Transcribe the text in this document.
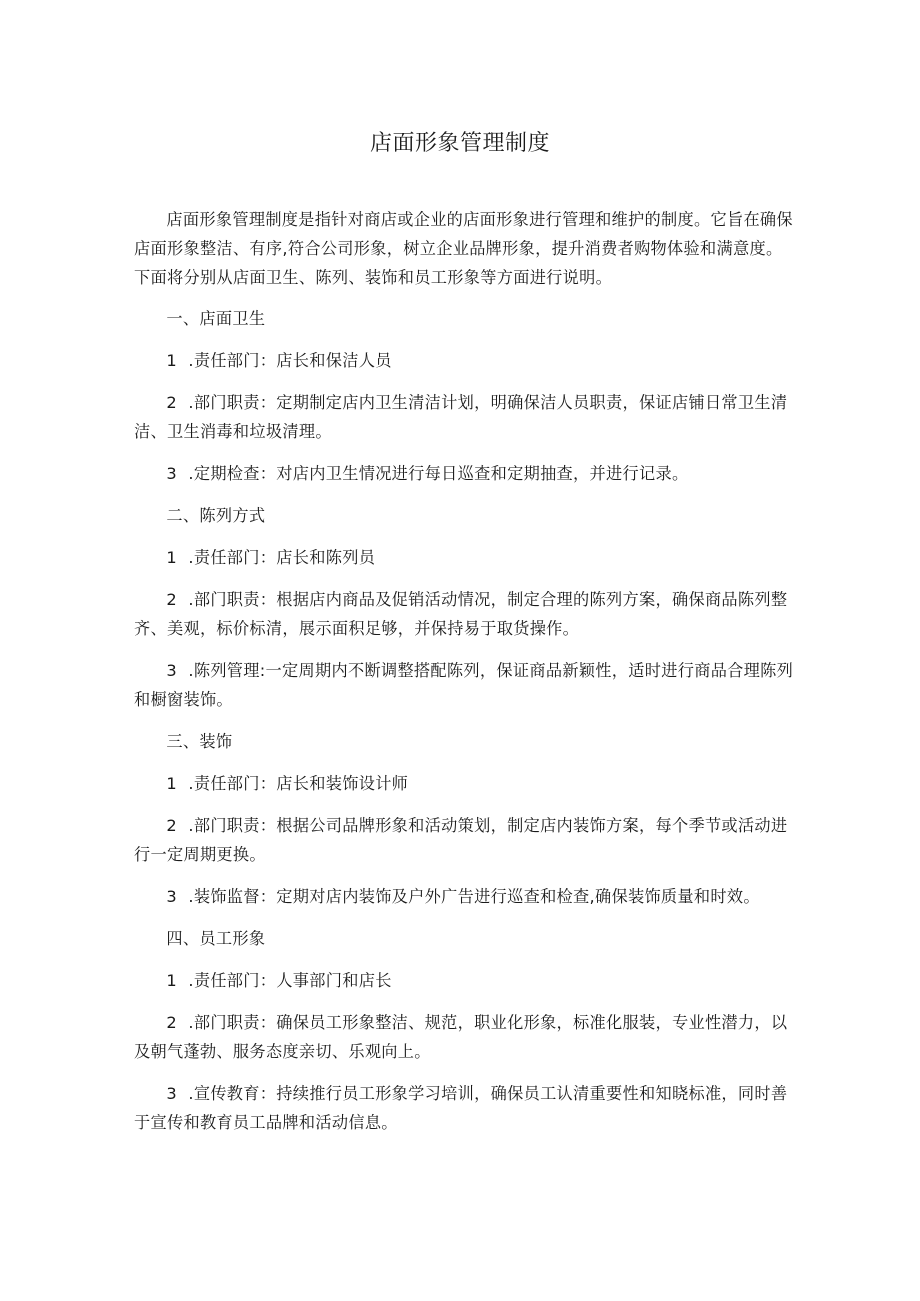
店面形象管理制度

店面形象管理制度是指针对商店或企业的店面形象进行管理和维护的制度。它旨在确保店面形象整洁、有序,符合公司形象，树立企业品牌形象，提升消费者购物体验和满意度。下面将分别从店面卫生、陈列、装饰和员工形象等方面进行说明。

一、店面卫生

1 .责任部门：店长和保洁人员

2 .部门职责：定期制定店内卫生清洁计划，明确保洁人员职责，保证店铺日常卫生清洁、卫生消毒和垃圾清理。

3 .定期检查：对店内卫生情况进行每日巡查和定期抽查，并进行记录。

二、陈列方式

1 .责任部门：店长和陈列员

2 .部门职责：根据店内商品及促销活动情况，制定合理的陈列方案，确保商品陈列整齐、美观，标价标清，展示面积足够，并保持易于取货操作。

3 .陈列管理:一定周期内不断调整搭配陈列，保证商品新颖性，适时进行商品合理陈列和橱窗装饰。

三、装饰

1 .责任部门：店长和装饰设计师

2 .部门职责：根据公司品牌形象和活动策划，制定店内装饰方案，每个季节或活动进行一定周期更换。

3 .装饰监督：定期对店内装饰及户外广告进行巡查和检查,确保装饰质量和时效。

四、员工形象

1 .责任部门：人事部门和店长

2 .部门职责：确保员工形象整洁、规范，职业化形象，标准化服装，专业性潜力，以及朝气蓬勃、服务态度亲切、乐观向上。

3 .宣传教育：持续推行员工形象学习培训，确保员工认清重要性和知晓标准，同时善于宣传和教育员工品牌和活动信息。
